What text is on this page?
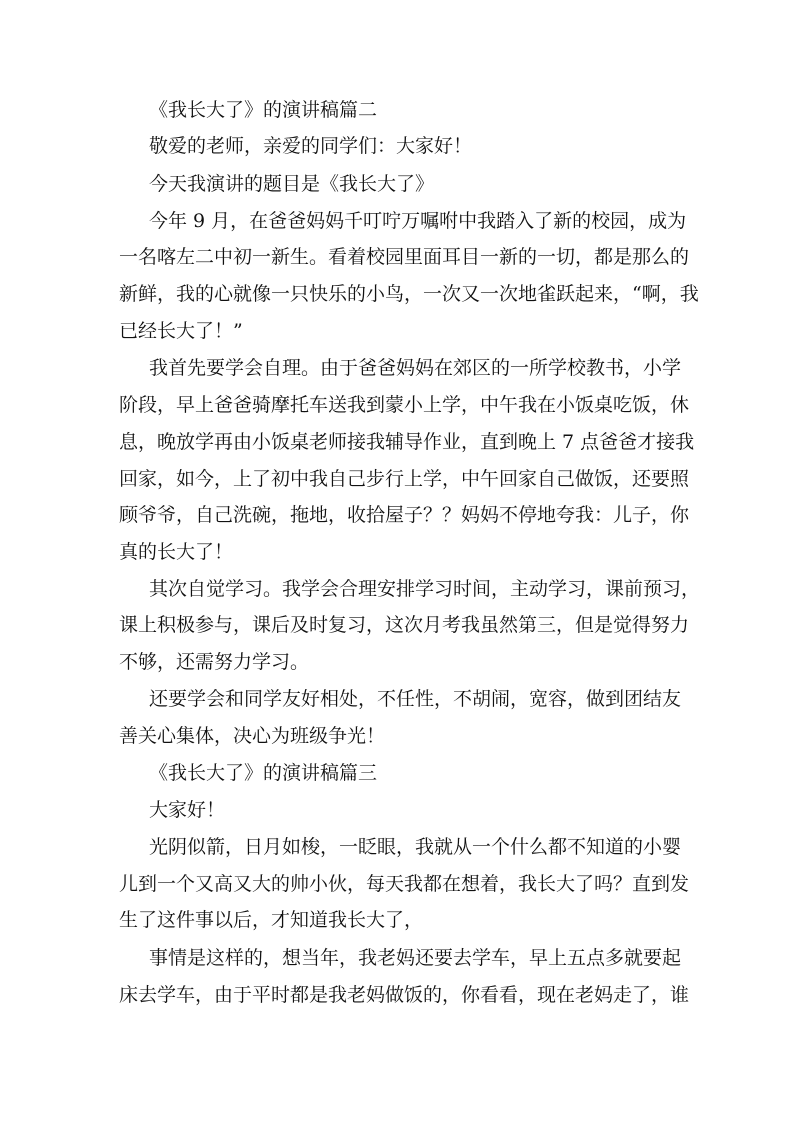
《我长大了》的演讲稿篇二
敬爱的老师，亲爱的同学们：大家好！
今天我演讲的题目是《我长大了》
今年 9 月，在爸爸妈妈千叮咛万嘱咐中我踏入了新的校园，成为
一名喀左二中初一新生。看着校园里面耳目一新的一切，都是那么的
新鲜，我的心就像一只快乐的小鸟，一次又一次地雀跃起来，“啊，我
已经长大了！”
我首先要学会自理。由于爸爸妈妈在郊区的一所学校教书，小学
阶段，早上爸爸骑摩托车送我到蒙小上学，中午我在小饭桌吃饭，休
息，晚放学再由小饭桌老师接我辅导作业，直到晚上 7 点爸爸才接我
回家，如今，上了初中我自己步行上学，中午回家自己做饭，还要照
顾爷爷，自己洗碗，拖地，收拾屋子？？妈妈不停地夸我：儿子，你
真的长大了！
其次自觉学习。我学会合理安排学习时间，主动学习，课前预习，
课上积极参与，课后及时复习，这次月考我虽然第三，但是觉得努力
不够，还需努力学习。
还要学会和同学友好相处，不任性，不胡闹，宽容，做到团结友
善关心集体，决心为班级争光！
《我长大了》的演讲稿篇三
大家好！
光阴似箭，日月如梭，一眨眼，我就从一个什么都不知道的小婴
儿到一个又高又大的帅小伙，每天我都在想着，我长大了吗？直到发
生了这件事以后，才知道我长大了，
事情是这样的，想当年，我老妈还要去学车，早上五点多就要起
床去学车，由于平时都是我老妈做饭的，你看看，现在老妈走了，谁
